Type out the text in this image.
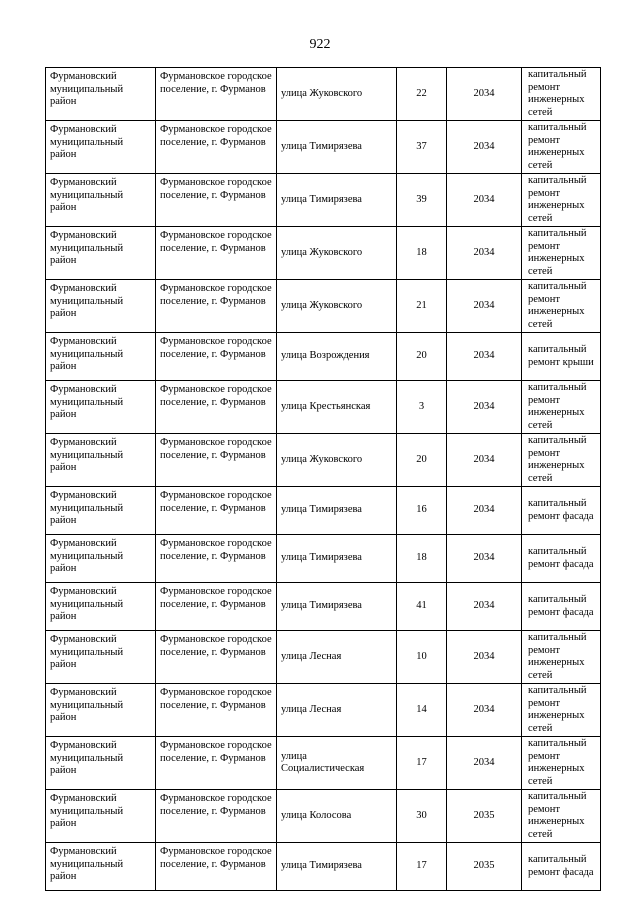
922
Фурмановский муниципальный район	Фурмановское городское поселение, г. Фурманов	улица Жуковского	22	2034	капитальный ремонт инженерных сетей
Фурмановский муниципальный район	Фурмановское городское поселение, г. Фурманов	улица Тимирязева	37	2034	капитальный ремонт инженерных сетей
Фурмановский муниципальный район	Фурмановское городское поселение, г. Фурманов	улица Тимирязева	39	2034	капитальный ремонт инженерных сетей
Фурмановский муниципальный район	Фурмановское городское поселение, г. Фурманов	улица Жуковского	18	2034	капитальный ремонт инженерных сетей
Фурмановский муниципальный район	Фурмановское городское поселение, г. Фурманов	улица Жуковского	21	2034	капитальный ремонт инженерных сетей
Фурмановский муниципальный район	Фурмановское городское поселение, г. Фурманов	улица Возрождения	20	2034	капитальный ремонт крыши
Фурмановский муниципальный район	Фурмановское городское поселение, г. Фурманов	улица Крестьянская	3	2034	капитальный ремонт инженерных сетей
Фурмановский муниципальный район	Фурмановское городское поселение, г. Фурманов	улица Жуковского	20	2034	капитальный ремонт инженерных сетей
Фурмановский муниципальный район	Фурмановское городское поселение, г. Фурманов	улица Тимирязева	16	2034	капитальный ремонт фасада
Фурмановский муниципальный район	Фурмановское городское поселение, г. Фурманов	улица Тимирязева	18	2034	капитальный ремонт фасада
Фурмановский муниципальный район	Фурмановское городское поселение, г. Фурманов	улица Тимирязева	41	2034	капитальный ремонт фасада
Фурмановский муниципальный район	Фурмановское городское поселение, г. Фурманов	улица Лесная	10	2034	капитальный ремонт инженерных сетей
Фурмановский муниципальный район	Фурмановское городское поселение, г. Фурманов	улица Лесная	14	2034	капитальный ремонт инженерных сетей
Фурмановский муниципальный район	Фурмановское городское поселение, г. Фурманов	улица Социалистическая	17	2034	капитальный ремонт инженерных сетей
Фурмановский муниципальный район	Фурмановское городское поселение, г. Фурманов	улица Колосова	30	2035	капитальный ремонт инженерных сетей
Фурмановский муниципальный район	Фурмановское городское поселение, г. Фурманов	улица Тимирязева	17	2035	капитальный ремонт фасада
